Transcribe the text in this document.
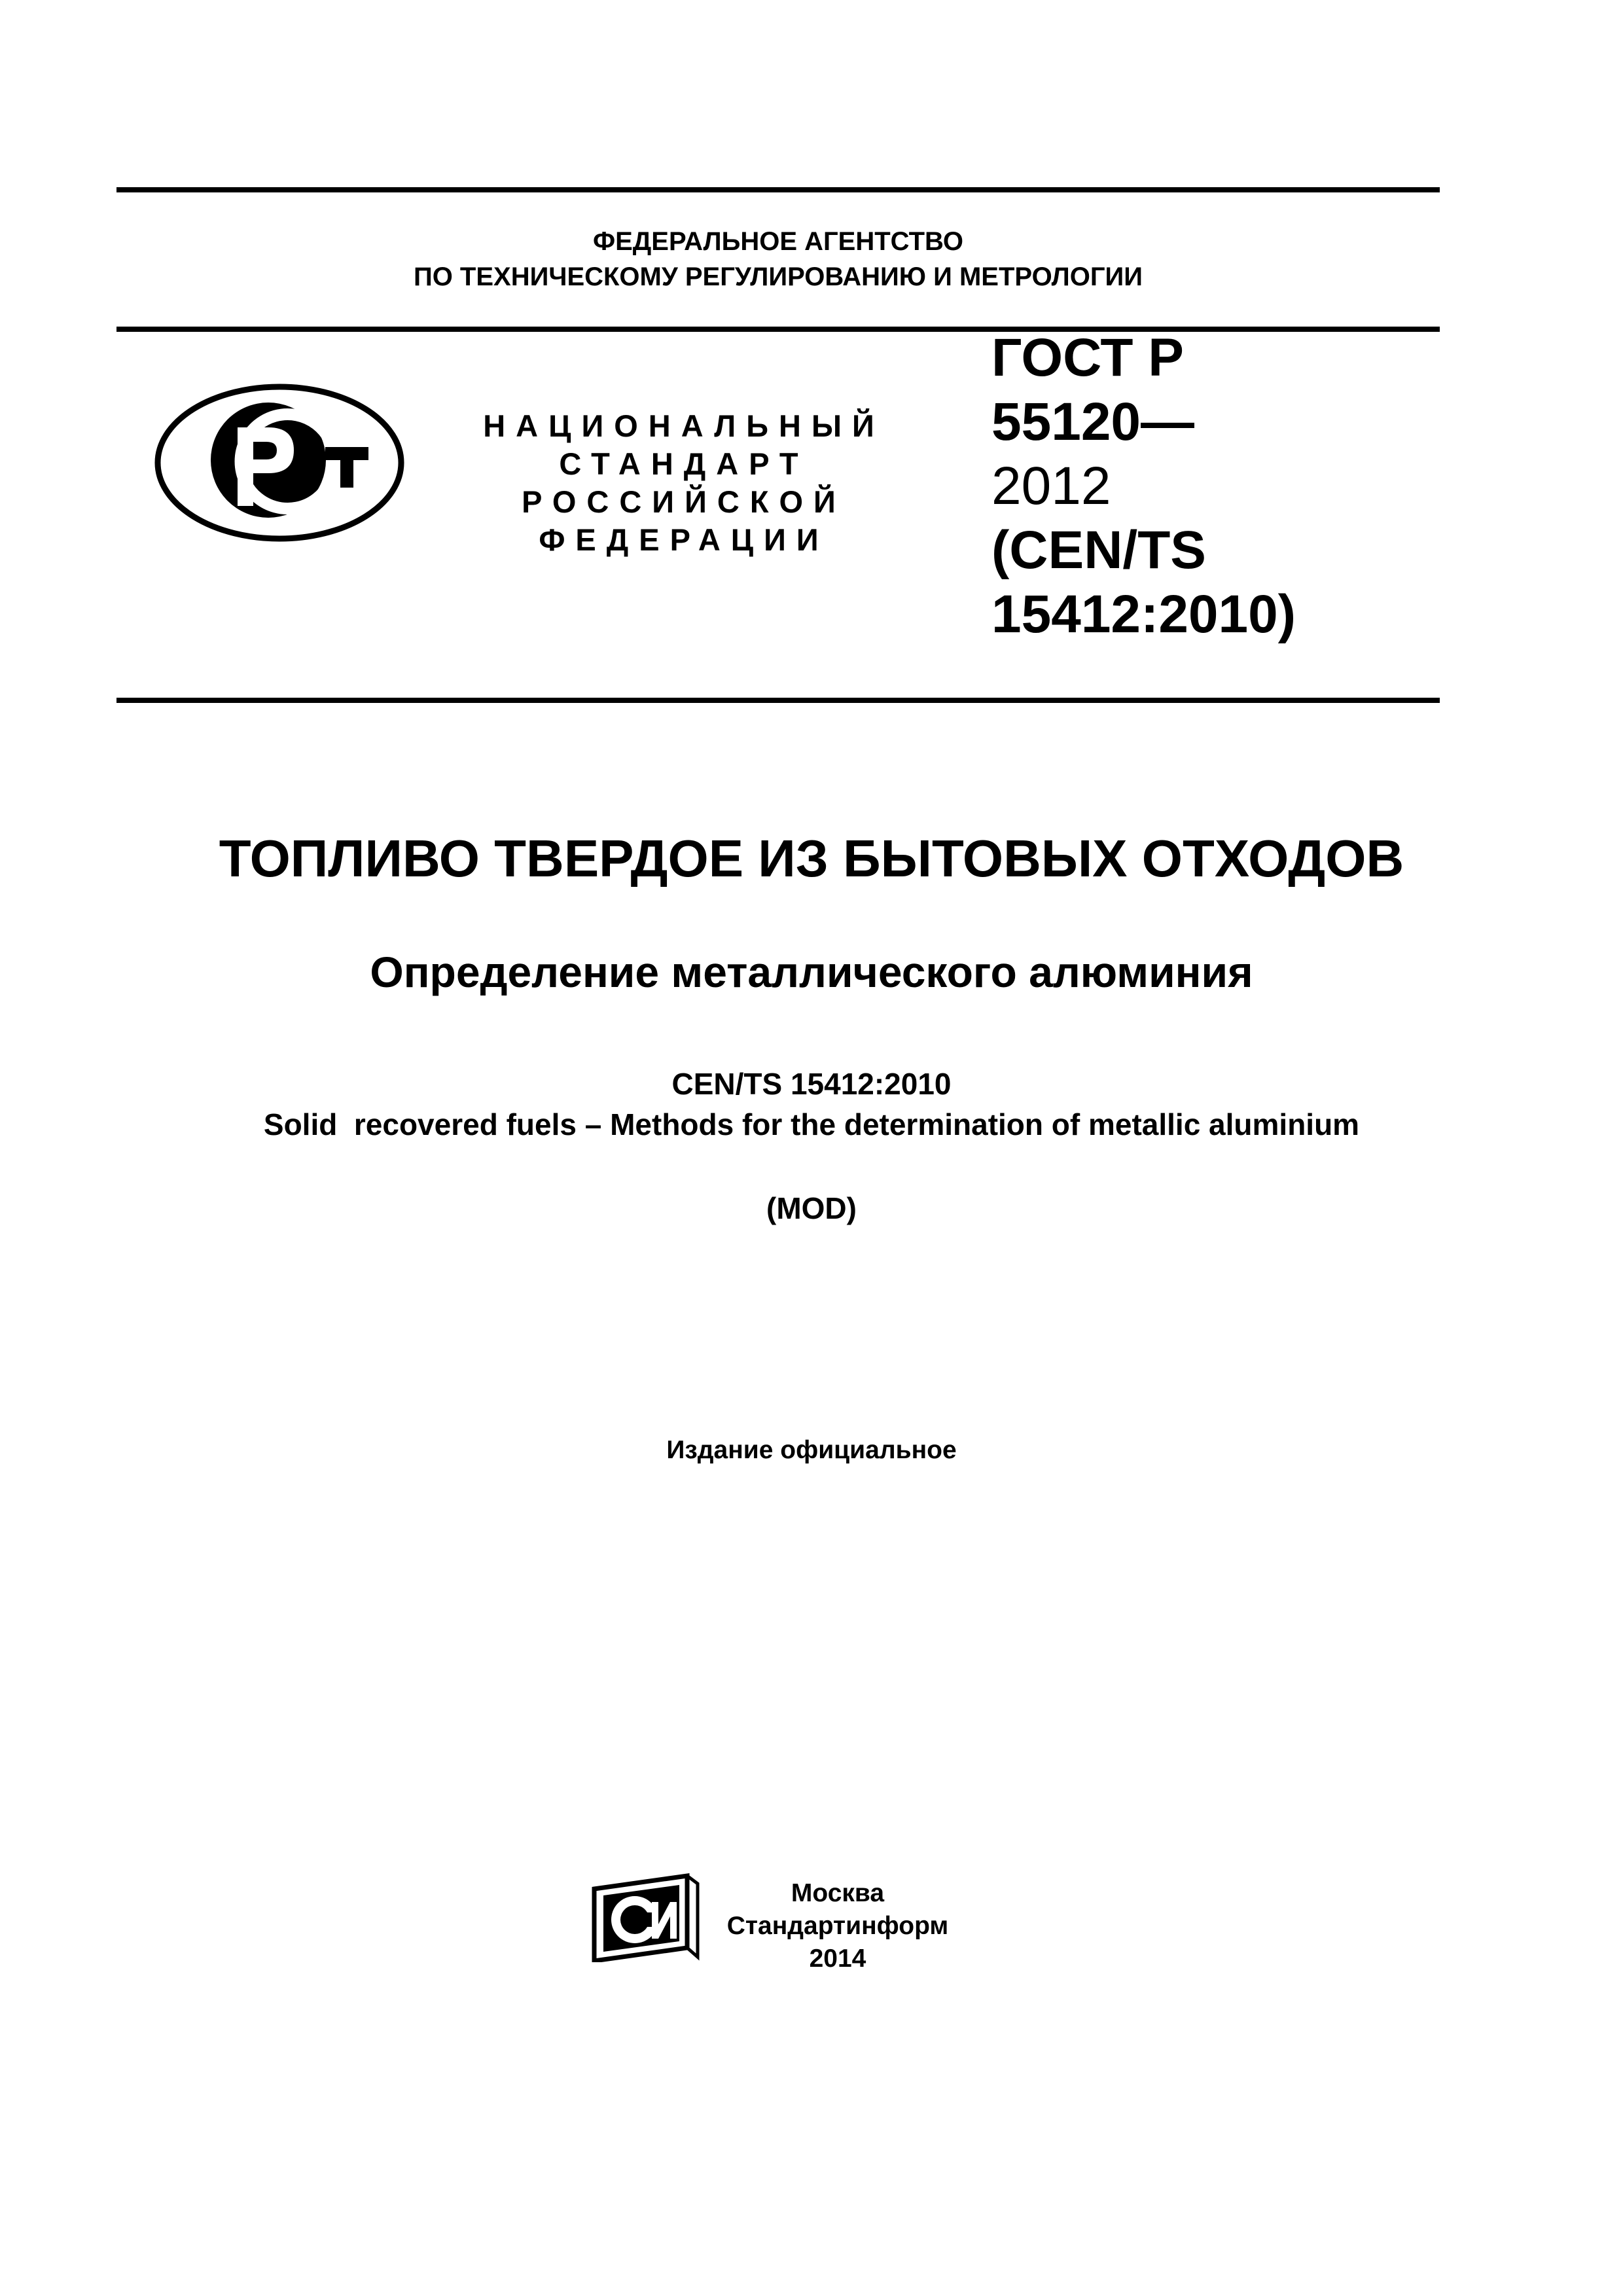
ФЕДЕРАЛЬНОЕ АГЕНТСТВО
ПО ТЕХНИЧЕСКОМУ РЕГУЛИРОВАНИЮ И МЕТРОЛОГИИ
НАЦИОНАЛЬНЫЙ
СТАНДАРТ
РОССИЙСКОЙ
ФЕДЕРАЦИИ
ГОСТ Р
55120—
2012
(CEN/TS
15412:2010)
ТОПЛИВО ТВЕРДОЕ ИЗ БЫТОВЫХ ОТХОДОВ
Определение металлического алюминия
CEN/TS 15412:2010
Solid  recovered fuels – Methods for the determination of metallic aluminium
(MOD)
Издание официальное
Москва
Стандартинформ
2014
